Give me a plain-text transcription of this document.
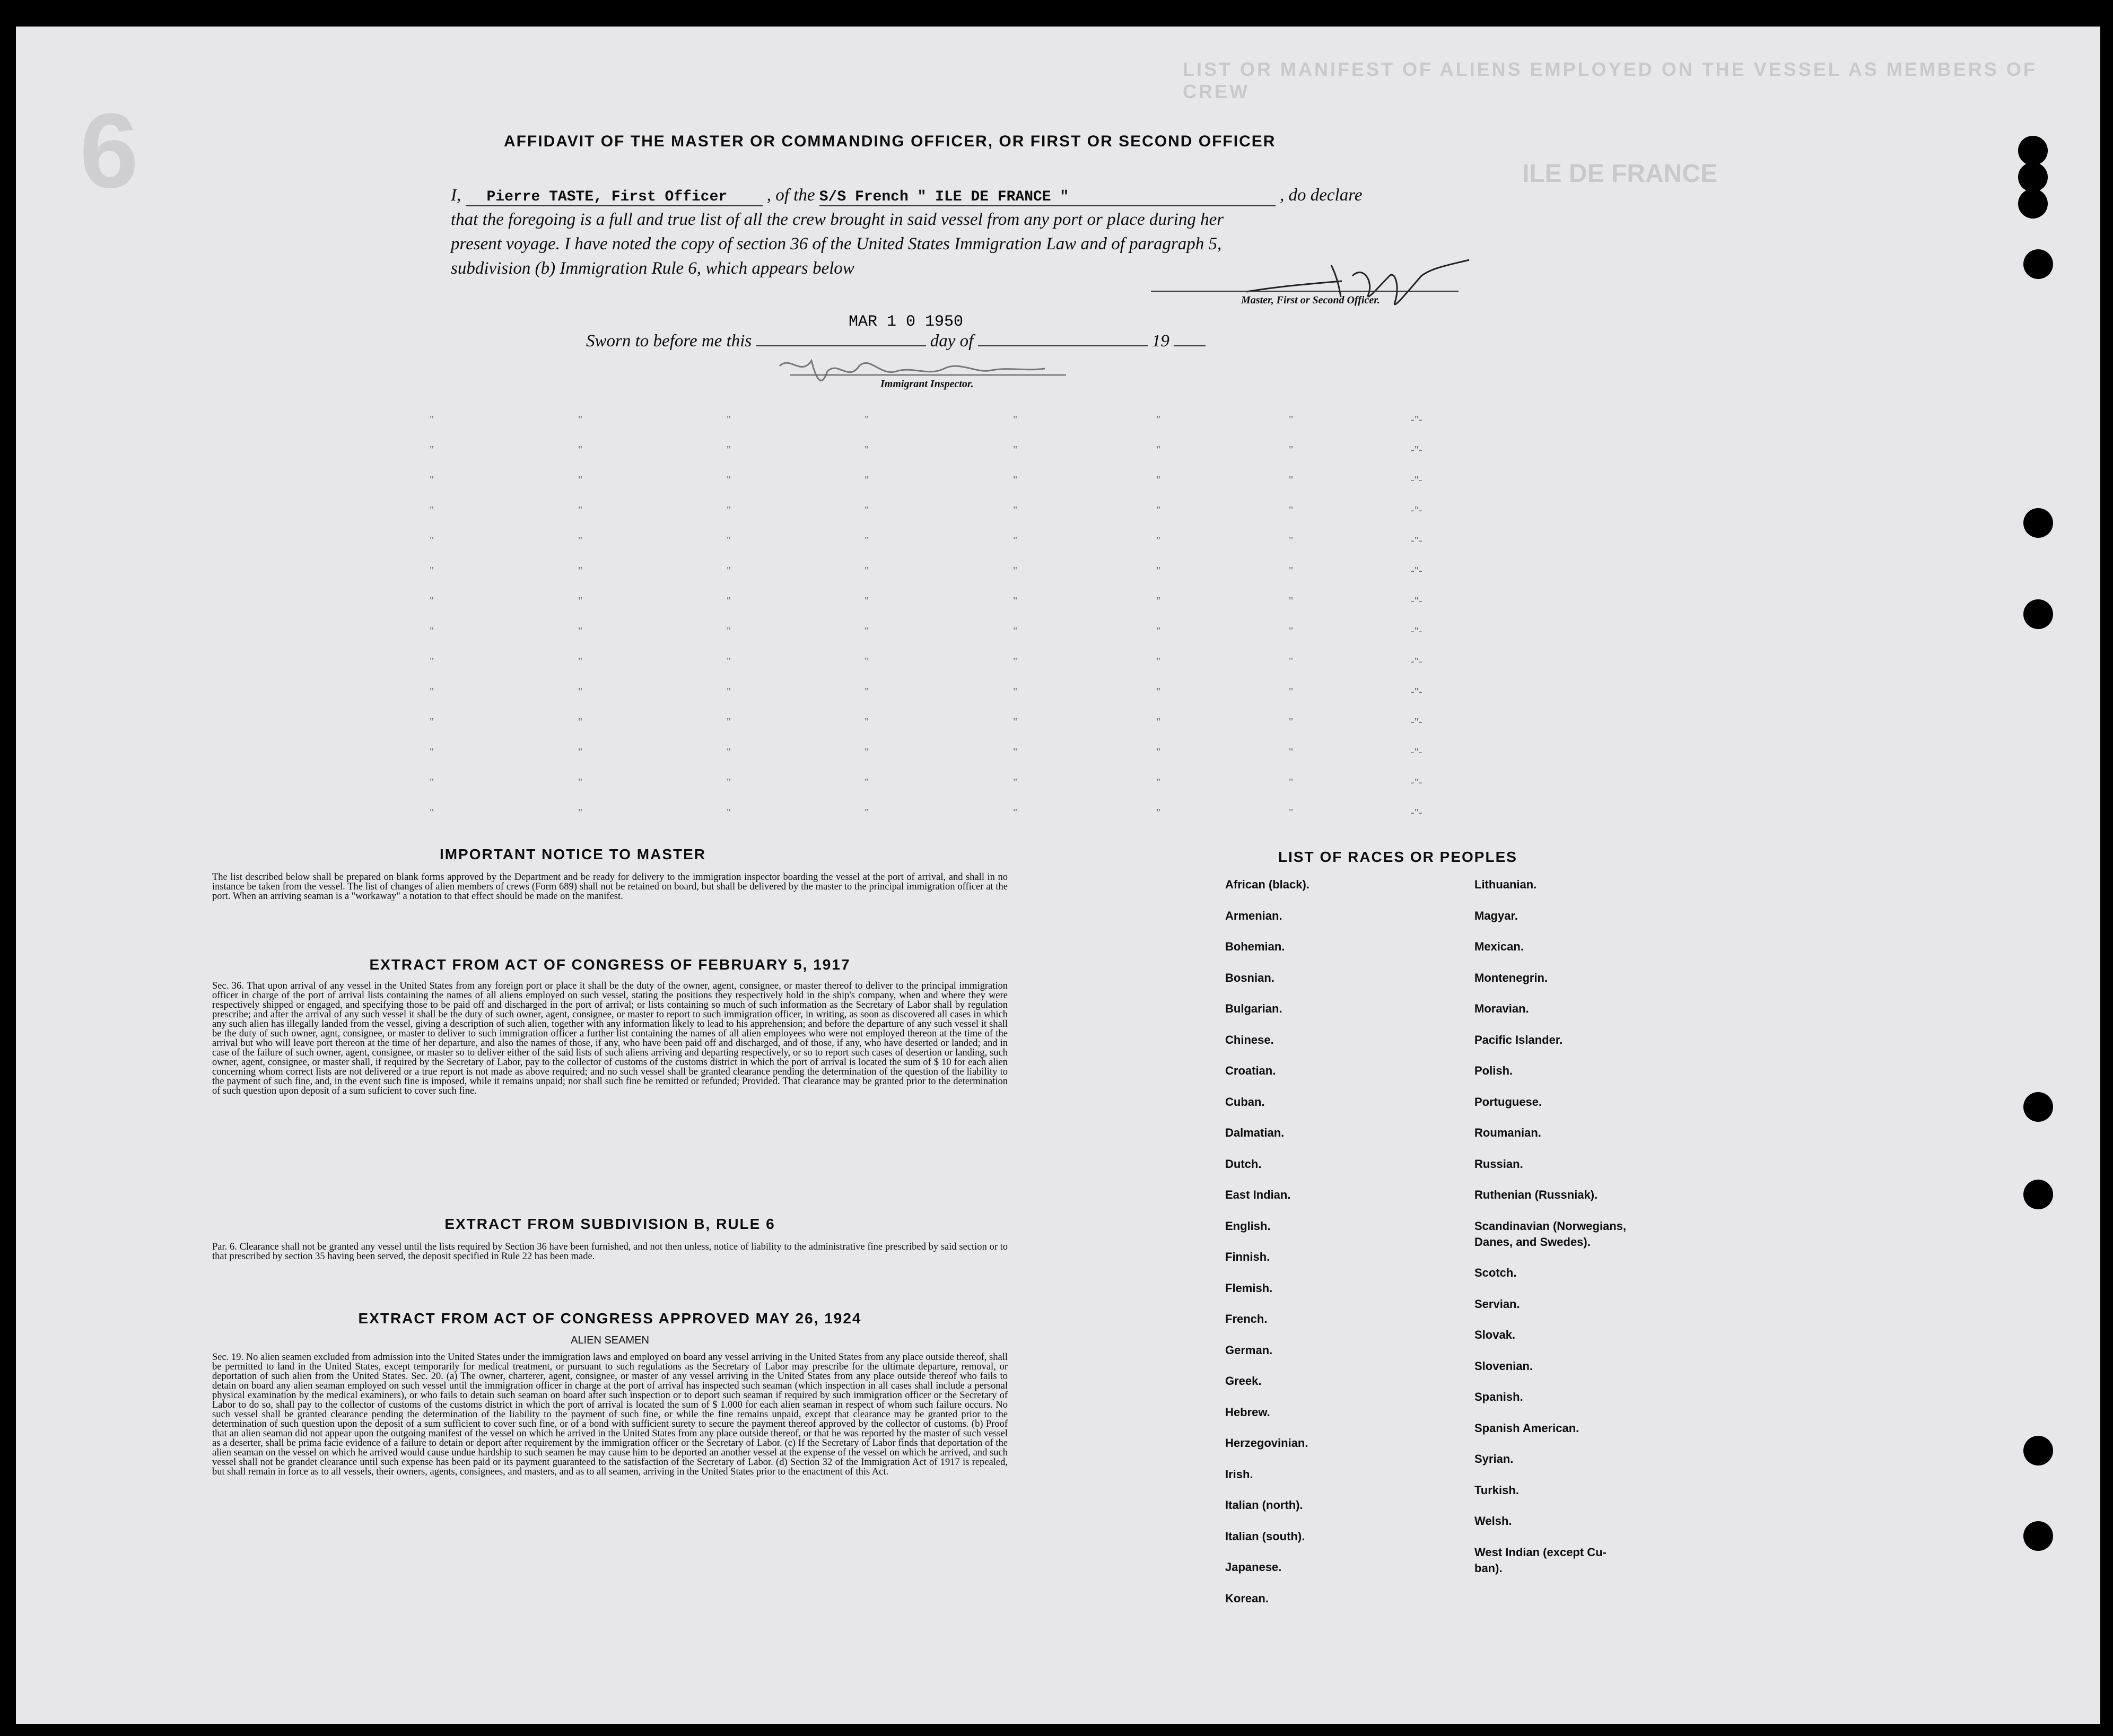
6
LIST OR MANIFEST OF ALIENS EMPLOYED ON THE VESSEL AS MEMBERS OF CREW
ILE DE FRANCE
AFFIDAVIT OF THE MASTER OR COMMANDING OFFICER, OR FIRST OR SECOND OFFICER
I, Pierre TASTE, First Officer , of the S/S French " ILE DE FRANCE "	, do declare
that the foregoing is a full and true list of all the crew brought in said vessel from any port or place during her
present voyage. I have noted the copy of section 36 of the United States Immigration Law and of paragraph 5,
subdivision (b) Immigration Rule 6, which appears below
Master, First or Second Officer.
MAR 1 0 1950
Sworn to before me this	day of	19
Immigrant Inspector.
"	"	"	"	"	"	"	-"-
"	"	"	"	"	"	"	-"-
"	"	"	"	"	"	"	-"-
"	"	"	"	"	"	"	-"-
"	"	"	"	"	"	"	-"-
"	"	"	"	"	"	"	-"-
"	"	"	"	"	"	"	-"-
"	"	"	"	"	"	"	-"-
"	"	"	"	"	"	"	-"-
"	"	"	"	"	"	"	-"-
"	"	"	"	"	"	"	-"-
"	"	"	"	"	"	"	-"-
"	"	"	"	"	"	"	-"-
"	"	"	"	"	"	"	-"-
IMPORTANT NOTICE TO MASTER
The list described below shall be prepared on blank forms approved by the Department and be ready for delivery to the immigration inspector boarding the vessel at the port of arrival, and shall in no instance be taken from the vessel. The list of changes of alien members of crews (Form 689) shall not be retained on board, but shall be delivered by the master to the principal immigration officer at the port. When an arriving seaman is a "workaway" a notation to that effect should be made on the manifest.
EXTRACT FROM ACT OF CONGRESS OF FEBRUARY 5, 1917
Sec. 36. That upon arrival of any vessel in the United States from any foreign port or place it shall be the duty of the owner, agent, consignee, or master thereof to deliver to the principal immigration officer in charge of the port of arrival lists containing the names of all aliens employed on such vessel, stating the positions they respectively hold in the ship's company, when and where they were respectively shipped or engaged, and specifying those to be paid off and discharged in the port of arrival; or lists containing so much of such information as the Secretary of Labor shall by regulation prescribe; and after the arrival of any such vessel it shall be the duty of such owner, agent, consignee, or master to report to such immigration officer, in writing, as soon as discovered all cases in which any such alien has illegally landed from the vessel, giving a description of such alien, together with any information likely to lead to his apprehension; and before the departure of any such vessel it shall be the duty of such owner, agnt, consignee, or master to deliver to such immigration officer a further list containing the names of all alien employees who were not employed thereon at the time of the arrival but who will leave port thereon at the time of her departure, and also the names of those, if any, who have been paid off and discharged, and of those, if any, who have deserted or landed; and in case of the failure of such owner, agent, consignee, or master so to deliver either of the said lists of such aliens arriving and departing respectively, or so to report such cases of desertion or landing, such owner, agent, consignee, or master shall, if required by the Secretary of Labor, pay to the collector of customs of the customs district in which the port of arrival is located the sum of $ 10 for each alien concerning whom correct lists are not delivered or a true report is not made as above required; and no such vessel shall be granted clearance pending the determination of the question of the liability to the payment of such fine, and, in the event such fine is imposed, while it remains unpaid; nor shall such fine be remitted or refunded; Provided. That clearance may be granted prior to the determination of such question upon deposit of a sum suficient to cover such fine.
EXTRACT FROM SUBDIVISION B, RULE 6
Par. 6. Clearance shall not be granted any vessel until the lists required by Section 36 have been furnished, and not then unless, notice of liability to the administrative fine prescribed by said section or to that prescribed by section 35 having been served, the deposit specified in Rule 22 has been made.
EXTRACT FROM ACT OF CONGRESS APPROVED MAY 26, 1924
ALIEN SEAMEN
Sec. 19. No alien seamen excluded from admission into the United States under the immigration laws and employed on board any vessel arriving in the United States from any place outside thereof, shall be permitted to land in the United States, except temporarily for medical treatment, or pursuant to such regulations as the Secretary of Labor may prescribe for the ultimate departure, removal, or deportation of such alien from the United States. Sec. 20. (a) The owner, charterer, agent, consignee, or master of any vessel arriving in the United States from any place outside thereof who fails to detain on board any alien seaman employed on such vessel until the immigration officer in charge at the port of arrival has inspected such seaman (which inspection in all cases shall include a personal physical examination by the medical examiners), or who fails to detain such seaman on board after such inspection or to deport such seaman if required by such immigration officer or the Secretary of Labor to do so, shall pay to the collector of customs of the customs district in which the port of arrival is located the sum of $ 1.000 for each alien seaman in respect of whom such failure occurs. No such vessel shall be granted clearance pending the determination of the liability to the payment of such fine, or while the fine remains unpaid, except that clearance may be granted prior to the determination of such question upon the deposit of a sum sufficient to cover such fine, or of a bond with sufficient surety to secure the payment thereof approved by the collector of customs. (b) Proof that an alien seaman did not appear upon the outgoing manifest of the vessel on which he arrived in the United States from any place outside thereof, or that he was reported by the master of such vessel as a deserter, shall be prima facie evidence of a failure to detain or deport after requirement by the immigration officer or the Secretary of Labor. (c) If the Secretary of Labor finds that deportation of the alien seaman on the vessel on which he arrived would cause undue hardship to such seamen he may cause him to be deported an another vessel at the expense of the vessel on which he arrived, and such vessel shall not be grandet clearance until such expense has been paid or its payment guaranteed to the satisfaction of the Secretary of Labor. (d) Section 32 of the Immigration Act of 1917 is repealed, but shall remain in force as to all vessels, their owners, agents, consignees, and masters, and as to all seamen, arriving in the United States prior to the enactment of this Act.
LIST OF RACES OR PEOPLES
African (black).
Armenian.
Bohemian.
Bosnian.
Bulgarian.
Chinese.
Croatian.
Cuban.
Dalmatian.
Dutch.
East Indian.
English.
Finnish.
Flemish.
French.
German.
Greek.
Hebrew.
Herzegovinian.
Irish.
Italian (north).
Italian (south).
Japanese.
Korean.
Lithuanian.
Magyar.
Mexican.
Montenegrin.
Moravian.
Pacific Islander.
Polish.
Portuguese.
Roumanian.
Russian.
Ruthenian (Russniak).
Scandinavian (Norwegians,
Danes, and Swedes).
Scotch.
Servian.
Slovak.
Slovenian.
Spanish.
Spanish American.
Syrian.
Turkish.
Welsh.
West Indian (except Cu-
ban).
